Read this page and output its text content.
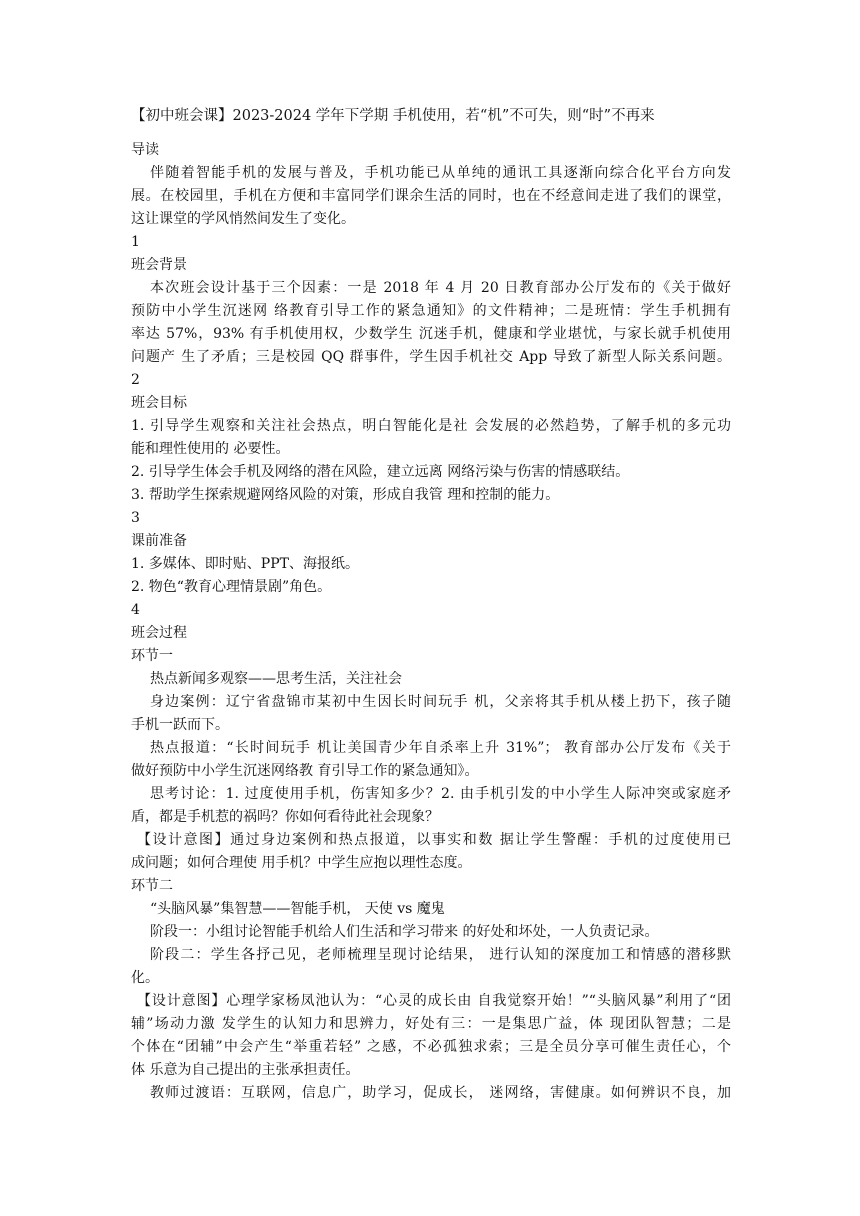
【初中班会课】2023-2024 学年下学期 手机使用，若“机”不可失，则“时”不再来
导读
伴随着智能手机的发展与普及，手机功能已从单纯的通讯工具逐渐向综合化平台方向发
展。在校园里，手机在方便和丰富同学们课余生活的同时，也在不经意间走进了我们的课堂，
这让课堂的学风悄然间发生了变化。
1
班会背景
本次班会设计基于三个因素：一是 2018 年 4 月 20 日教育部办公厅发布的《关于做好
预防中小学生沉迷网 络教育引导工作的紧急通知》的文件精神；二是班情：学生手机拥有
率达 57%，93% 有手机使用权，少数学生 沉迷手机，健康和学业堪忧，与家长就手机使用
问题产 生了矛盾；三是校园 QQ 群事件，学生因手机社交 App 导致了新型人际关系问题。
2
班会目标
1. 引导学生观察和关注社会热点，明白智能化是社 会发展的必然趋势，了解手机的多元功
能和理性使用的 必要性。
2. 引导学生体会手机及网络的潜在风险，建立远离 网络污染与伤害的情感联结。
3. 帮助学生探索规避网络风险的对策，形成自我管 理和控制的能力。
3
课前准备
1. 多媒体、即时贴、PPT、海报纸。
2. 物色“教育心理情景剧”角色。
4
班会过程
环节一
热点新闻多观察——思考生活，关注社会
身边案例：辽宁省盘锦市某初中生因长时间玩手 机，父亲将其手机从楼上扔下，孩子随
手机一跃而下。
热点报道：“长时间玩手 机让美国青少年自杀率上升 31%”； 教育部办公厅发布《关于
做好预防中小学生沉迷网络教 育引导工作的紧急通知》。
思考讨论：1. 过度使用手机，伤害知多少？2. 由手机引发的中小学生人际冲突或家庭矛
盾，都是手机惹的祸吗？你如何看待此社会现象？
【设计意图】通过身边案例和热点报道，以事实和数 据让学生警醒：手机的过度使用已
成问题；如何合理使 用手机？中学生应抱以理性态度。
环节二
“头脑风暴”集智慧——智能手机， 天使 vs 魔鬼
阶段一：小组讨论智能手机给人们生活和学习带来 的好处和坏处，一人负责记录。
阶段二：学生各抒己见，老师梳理呈现讨论结果， 进行认知的深度加工和情感的潜移默
化。
【设计意图】心理学家杨凤池认为：“心灵的成长由 自我觉察开始！”“头脑风暴”利用了“团
辅”场动力激 发学生的认知力和思辨力，好处有三：一是集思广益，体 现团队智慧；二是
个体在“团辅”中会产生“举重若轻” 之感，不必孤独求索；三是全员分享可催生责任心，个
体 乐意为自己提出的主张承担责任。
教师过渡语：互联网，信息广，助学习，促成长， 迷网络，害健康。如何辨识不良，加
